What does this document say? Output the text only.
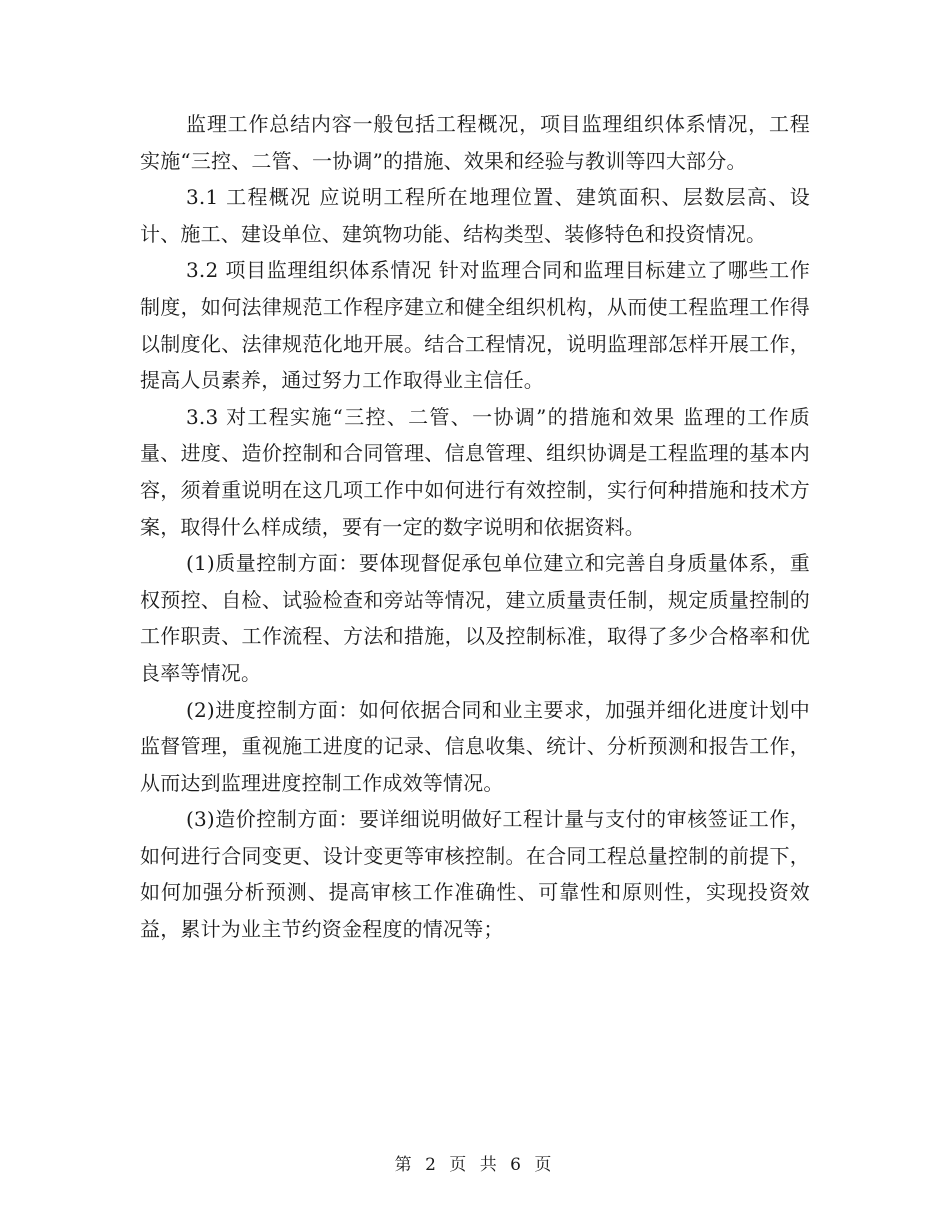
监理工作总结内容一般包括工程概况，项目监理组织体系情况，工程实施“三控、二管、一协调”的措施、效果和经验与教训等四大部分。

3.1 工程概况 应说明工程所在地理位置、建筑面积、层数层高、设计、施工、建设单位、建筑物功能、结构类型、装修特色和投资情况。

3.2 项目监理组织体系情况 针对监理合同和监理目标建立了哪些工作制度，如何法律规范工作程序建立和健全组织机构，从而使工程监理工作得以制度化、法律规范化地开展。结合工程情况，说明监理部怎样开展工作，提高人员素养，通过努力工作取得业主信任。

3.3 对工程实施“三控、二管、一协调”的措施和效果 监理的工作质量、进度、造价控制和合同管理、信息管理、组织协调是工程监理的基本内容，须着重说明在这几项工作中如何进行有效控制，实行何种措施和技术方案，取得什么样成绩，要有一定的数字说明和依据资料。

(1)质量控制方面：要体现督促承包单位建立和完善自身质量体系，重权预控、自检、试验检查和旁站等情况，建立质量责任制，规定质量控制的工作职责、工作流程、方法和措施，以及控制标准，取得了多少合格率和优良率等情况。

(2)进度控制方面：如何依据合同和业主要求，加强并细化进度计划中监督管理，重视施工进度的记录、信息收集、统计、分析预测和报告工作，从而达到监理进度控制工作成效等情况。

(3)造价控制方面：要详细说明做好工程计量与支付的审核签证工作，如何进行合同变更、设计变更等审核控制。在合同工程总量控制的前提下，如何加强分析预测、提高审核工作准确性、可靠性和原则性，实现投资效益，累计为业主节约资金程度的情况等；

第 2 页 共 6 页
